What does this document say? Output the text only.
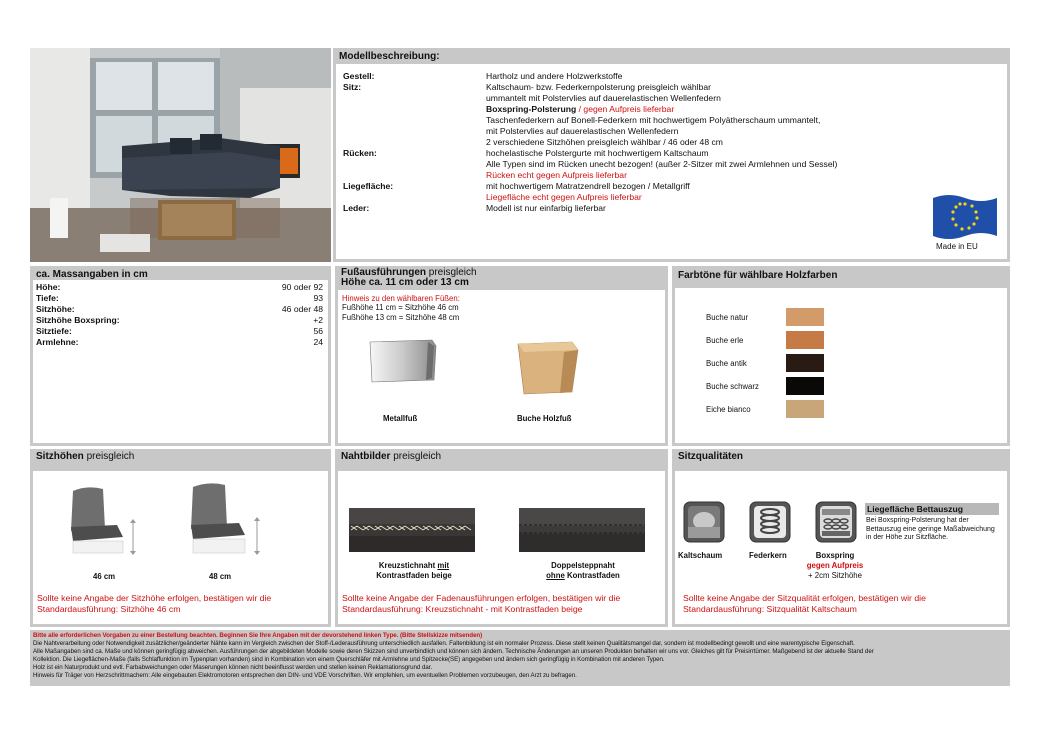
Modellbeschreibung:
Gestell:	Hartholz und andere Holzwerkstoffe
Sitz:	Kaltschaum- bzw. Federkernpolsterung preisgleich wählbar
ummantelt mit Polstervlies auf dauerelastischen Wellenfedern
Boxspring-Polsterung / gegen Aufpreis lieferbar
Taschenfederkern auf Bonell-Federkern mit hochwertigem Polyätherschaum ummantelt,
mit Polstervlies auf dauerelastischen Wellenfedern
2 verschiedene Sitzhöhen preisgleich wählbar / 46 oder 48 cm
Rücken:	hochelastische Polstergurte mit hochwertigem Kaltschaum
Alle Typen sind im Rücken unecht bezogen! (außer 2-Sitzer mit zwei Armlehnen und Sessel)
Rücken echt gegen Aufpreis lieferbar
Liegefläche:	mit hochwertigem Matratzendrell bezogen / Metallgriff
Liegefläche echt gegen Aufpreis lieferbar
Leder:	Modell ist nur einfarbig lieferbar
Made in EU
ca. Massangaben in cm
Höhe:	90 oder 92
Tiefe:	93
Sitzhöhe:	46 oder 48
Sitzhöhe Boxspring:	+2
Sitztiefe:	56
Armlehne:	24
Fußausführungen preisgleich
Höhe ca. 11 cm oder 13 cm
Hinweis zu den wählbaren Füßen:
Fußhöhe 11 cm = Sitzhöhe 46 cm
Fußhöhe 13 cm = Sitzhöhe 48 cm
Metallfuß	Buche Holzfuß
Farbtöne für wählbare Holzfarben
Buche natur
Buche erle
Buche antik
Buche schwarz
Eiche bianco
Sitzhöhen preisgleich
46 cm	48 cm
Sollte keine Angabe der Sitzhöhe erfolgen, bestätigen wir die
Standardausführung: Sitzhöhe 46 cm
Nahtbilder preisgleich
Kreuzstichnaht mit
Kontrastfaden beige
Doppelsteppnaht
ohne Kontrastfaden
Sollte keine Angabe der Fadenausführungen erfolgen, bestätigen wir die
Standardausführung: Kreuzstichnaht - mit Kontrastfaden beige
Sitzqualitäten
Kaltschaum	Federkern	Boxspring
gegen Aufpreis
+ 2cm Sitzhöhe
Liegefläche Bettauszug
Bei Boxspring-Polsterung hat der
Bettauszug eine geringe Maßabweichung
in der Höhe zur Sitzfläche.
Sollte keine Angabe der Sitzqualität erfolgen, bestätigen wir die
Standardausführung: Sitzqualität Kaltschaum
Bitte alle erforderlichen Vorgaben zu einer Bestellung beachten. Beginnen Sie Ihre Angaben mit der devorstehend linken Type. (Bitte Stellskizze mitsenden)
Die Nahtverarbeitung oder Notwendigkeit zusätzlicher/geänderter Nähte kann im Vergleich zwischen der Stoff-/Lederausführung unterschiedlich ausfallen. Faltenbildung ist ein normaler Prozess. Diese stellt keinen Qualitätsmangel dar, sondern ist modellbedingt gewollt und eine warentypische Eigenschaft.
Alle Maßangaben sind ca. Maße und können geringfügig abweichen. Ausführungen der abgebildeten Modelle sowie deren Skizzen sind unverbindlich und können sich ändern. Technische Änderungen an unseren Produkten behalten wir uns vor. Gleiches gilt für Preisirrtümer. Maßgebend ist der aktuelle Stand der
Kollektion. Die Liegeflächen-Maße (falls Schlaffunktion im Typenplan vorhanden) sind in Kombination von einem Querschläfer mit Armlehne und Spitzecke(SE) angegeben und ändern sich geringfügig in Kombination mit anderen Typen.
Holz ist ein Naturprodukt und evtl. Farbabweichungen oder Maserungen können nicht beeinflusst werden und stellen keinen Reklamationsgrund dar.
Hinweis für Träger von Herzschrittmachern: Alle eingebauten Elektromotoren entsprechen den DIN- und VDE Vorschriften. Wir empfehlen, um eventuellen Problemen vorzubeugen, den Arzt zu befragen.
